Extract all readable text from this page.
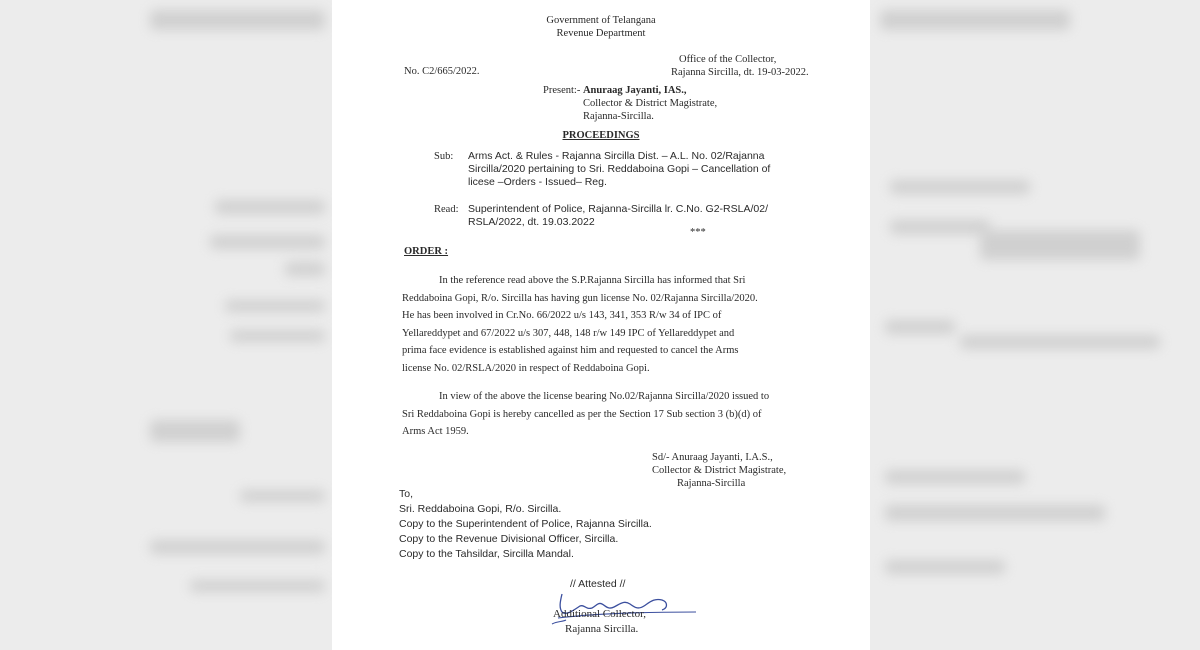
Government of Telangana
Revenue Department
Office of the Collector,
No. C2/665/2022.	Rajanna Sircilla, dt. 19-03-2022.
Present:- Anuraag Jayanti, IAS.,
Collector & District Magistrate,
Rajanna-Sircilla.
PROCEEDINGS
Sub: Arms Act. & Rules - Rajanna Sircilla Dist. – A.L. No. 02/Rajanna
Sircilla/2020 pertaining to Sri. Reddaboina Gopi – Cancellation of
licese –Orders - Issued– Reg.
Read: Superintendent of Police, Rajanna-Sircilla lr. C.No. G2-RSLA/02/
RSLA/2022, dt. 19.03.2022
***
ORDER :
In the reference read above the S.P.Rajanna Sircilla has informed that Sri
Reddaboina Gopi, R/o. Sircilla has having gun license No. 02/Rajanna Sircilla/2020.
He has been involved in Cr.No. 66/2022 u/s 143, 341, 353 R/w 34 of IPC of
Yellareddypet and 67/2022 u/s 307, 448, 148 r/w 149 IPC of Yellareddypet and
prima face evidence is established against him and requested to cancel the Arms
license No. 02/RSLA/2020 in respect of Reddaboina Gopi.
In view of the above the license bearing No.02/Rajanna Sircilla/2020 issued to
Sri Reddaboina Gopi is hereby cancelled as per the Section 17 Sub section 3 (b)(d) of
Arms Act 1959.
Sd/- Anuraag Jayanti, I.A.S.,
Collector & District Magistrate,
Rajanna-Sircilla
To,
Sri. Reddaboina Gopi, R/o. Sircilla.
Copy to the Superintendent of Police, Rajanna Sircilla.
Copy to the Revenue Divisional Officer, Sircilla.
Copy to the Tahsildar, Sircilla Mandal.
// Attested //
Additional Collector,
Rajanna Sircilla.
